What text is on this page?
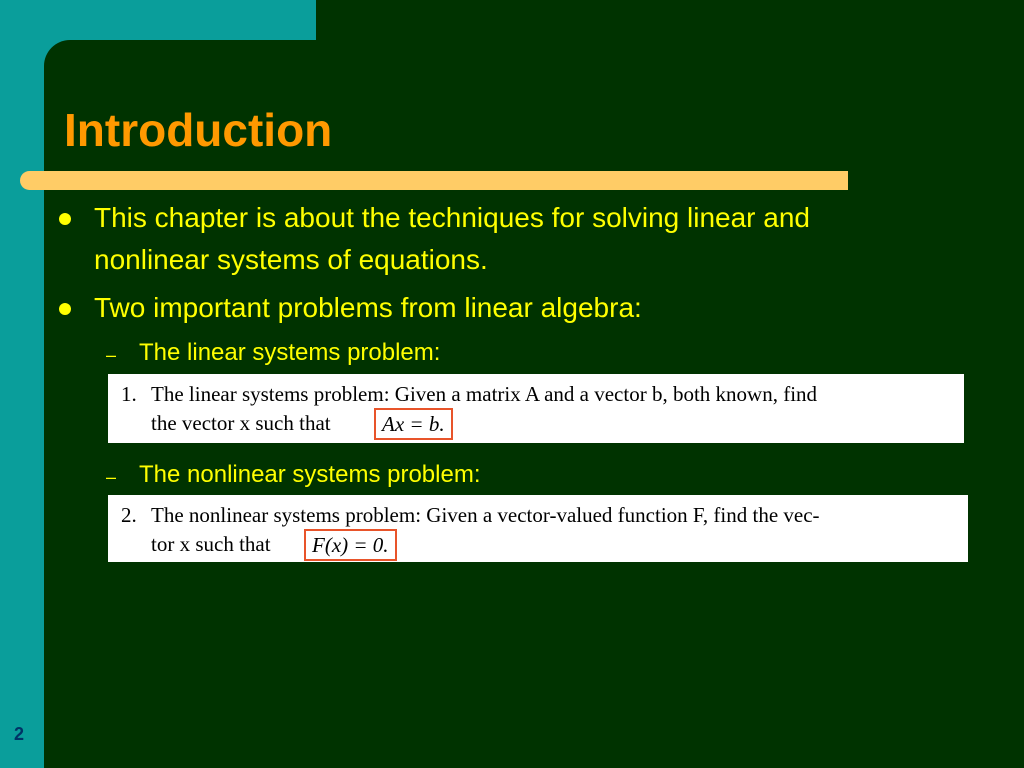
Introduction

This chapter is about the techniques for solving linear and
nonlinear systems of equations.

Two important problems from linear algebra:

– The linear systems problem:

1. The linear systems problem: Given a matrix A and a vector b, both known, find
the vector x such that	Ax = b.
– The nonlinear systems problem:

2. The nonlinear systems problem: Given a vector-valued function F, find the vec-
tor x such that	F(x) = 0.
2
